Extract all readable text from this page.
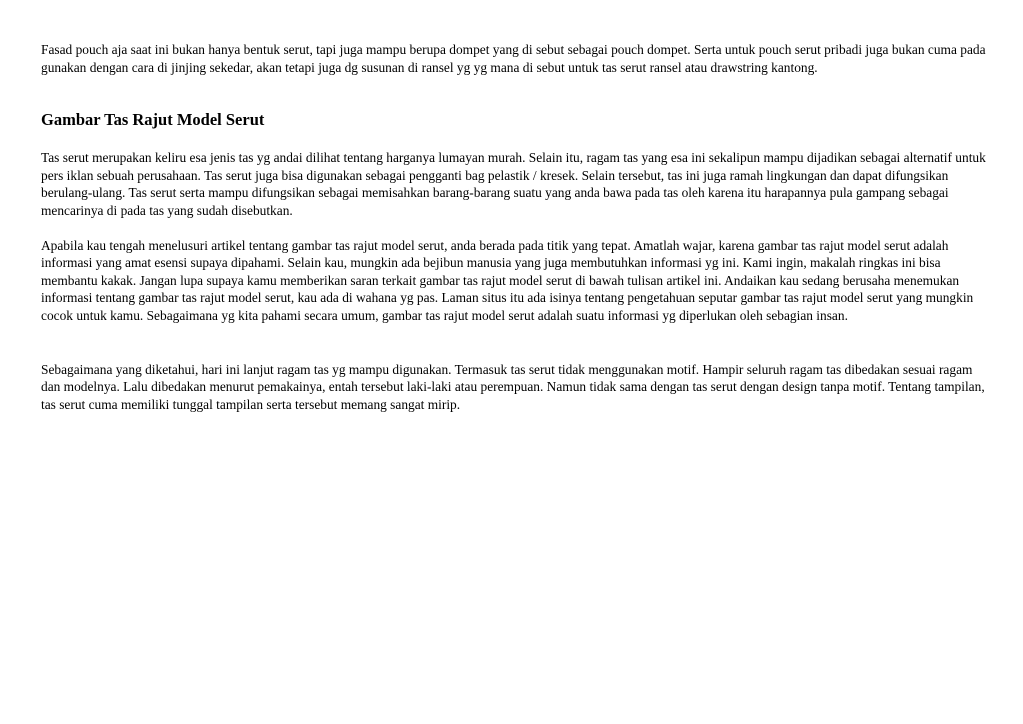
Fasad pouch aja saat ini bukan hanya bentuk serut, tapi juga mampu berupa dompet yang di sebut sebagai pouch dompet. Serta untuk pouch serut pribadi juga bukan cuma pada gunakan dengan cara di jinjing sekedar, akan tetapi juga dg susunan di ransel yg yg mana di sebut untuk tas serut ransel atau drawstring kantong.

Gambar Tas Rajut Model Serut

Tas serut merupakan keliru esa jenis tas yg andai dilihat tentang harganya lumayan murah. Selain itu, ragam tas yang esa ini sekalipun mampu dijadikan sebagai alternatif untuk pers iklan sebuah perusahaan. Tas serut juga bisa digunakan sebagai pengganti bag pelastik / kresek. Selain tersebut, tas ini juga ramah lingkungan dan dapat difungsikan berulang-ulang. Tas serut serta mampu difungsikan sebagai memisahkan barang-barang suatu yang anda bawa pada tas oleh karena itu harapannya pula gampang sebagai mencarinya di pada tas yang sudah disebutkan.

Apabila kau tengah menelusuri artikel tentang gambar tas rajut model serut, anda berada pada titik yang tepat. Amatlah wajar, karena gambar tas rajut model serut adalah informasi yang amat esensi supaya dipahami. Selain kau, mungkin ada bejibun manusia yang juga membutuhkan informasi yg ini. Kami ingin, makalah ringkas ini bisa membantu kakak. Jangan lupa supaya kamu memberikan saran terkait gambar tas rajut model serut di bawah tulisan artikel ini. Andaikan kau sedang berusaha menemukan informasi tentang gambar tas rajut model serut, kau ada di wahana yg pas. Laman situs itu ada isinya tentang pengetahuan seputar gambar tas rajut model serut yang mungkin cocok untuk kamu. Sebagaimana yg kita pahami secara umum, gambar tas rajut model serut adalah suatu informasi yg diperlukan oleh sebagian insan.

Sebagaimana yang diketahui, hari ini lanjut ragam tas yg mampu digunakan. Termasuk tas serut tidak menggunakan motif. Hampir seluruh ragam tas dibedakan sesuai ragam dan modelnya. Lalu dibedakan menurut pemakainya, entah tersebut laki-laki atau perempuan. Namun tidak sama dengan tas serut dengan design tanpa motif. Tentang tampilan, tas serut cuma memiliki tunggal tampilan serta tersebut memang sangat mirip.
